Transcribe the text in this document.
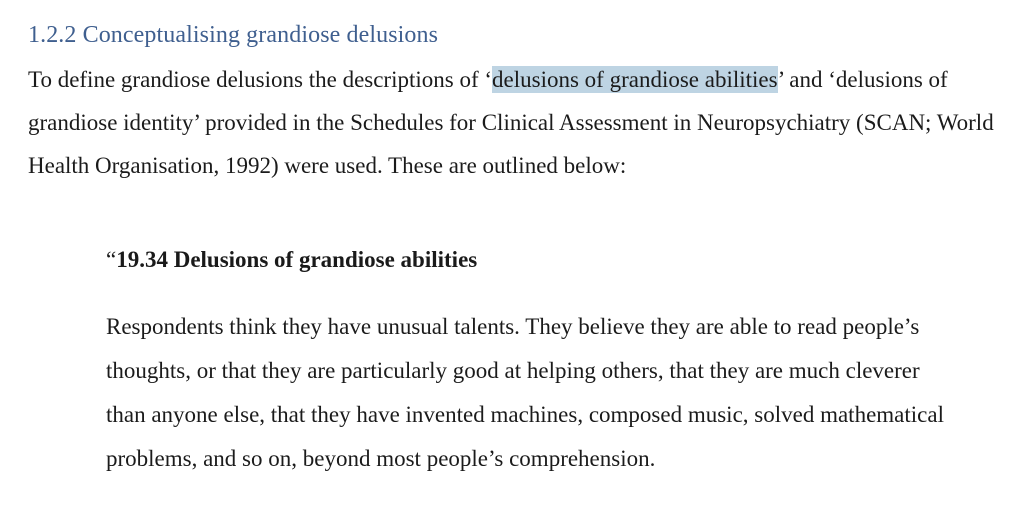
1.2.2 Conceptualising grandiose delusions

To define grandiose delusions the descriptions of ‘delusions of grandiose abilities’ and ‘delusions of grandiose identity’ provided in the Schedules for Clinical Assessment in Neuropsychiatry (SCAN; World Health Organisation, 1992) were used. These are outlined below:

“19.34 Delusions of grandiose abilities

Respondents think they have unusual talents. They believe they are able to read people’s thoughts, or that they are particularly good at helping others, that they are much cleverer than anyone else, that they have invented machines, composed music, solved mathematical problems, and so on, beyond most people’s comprehension.
